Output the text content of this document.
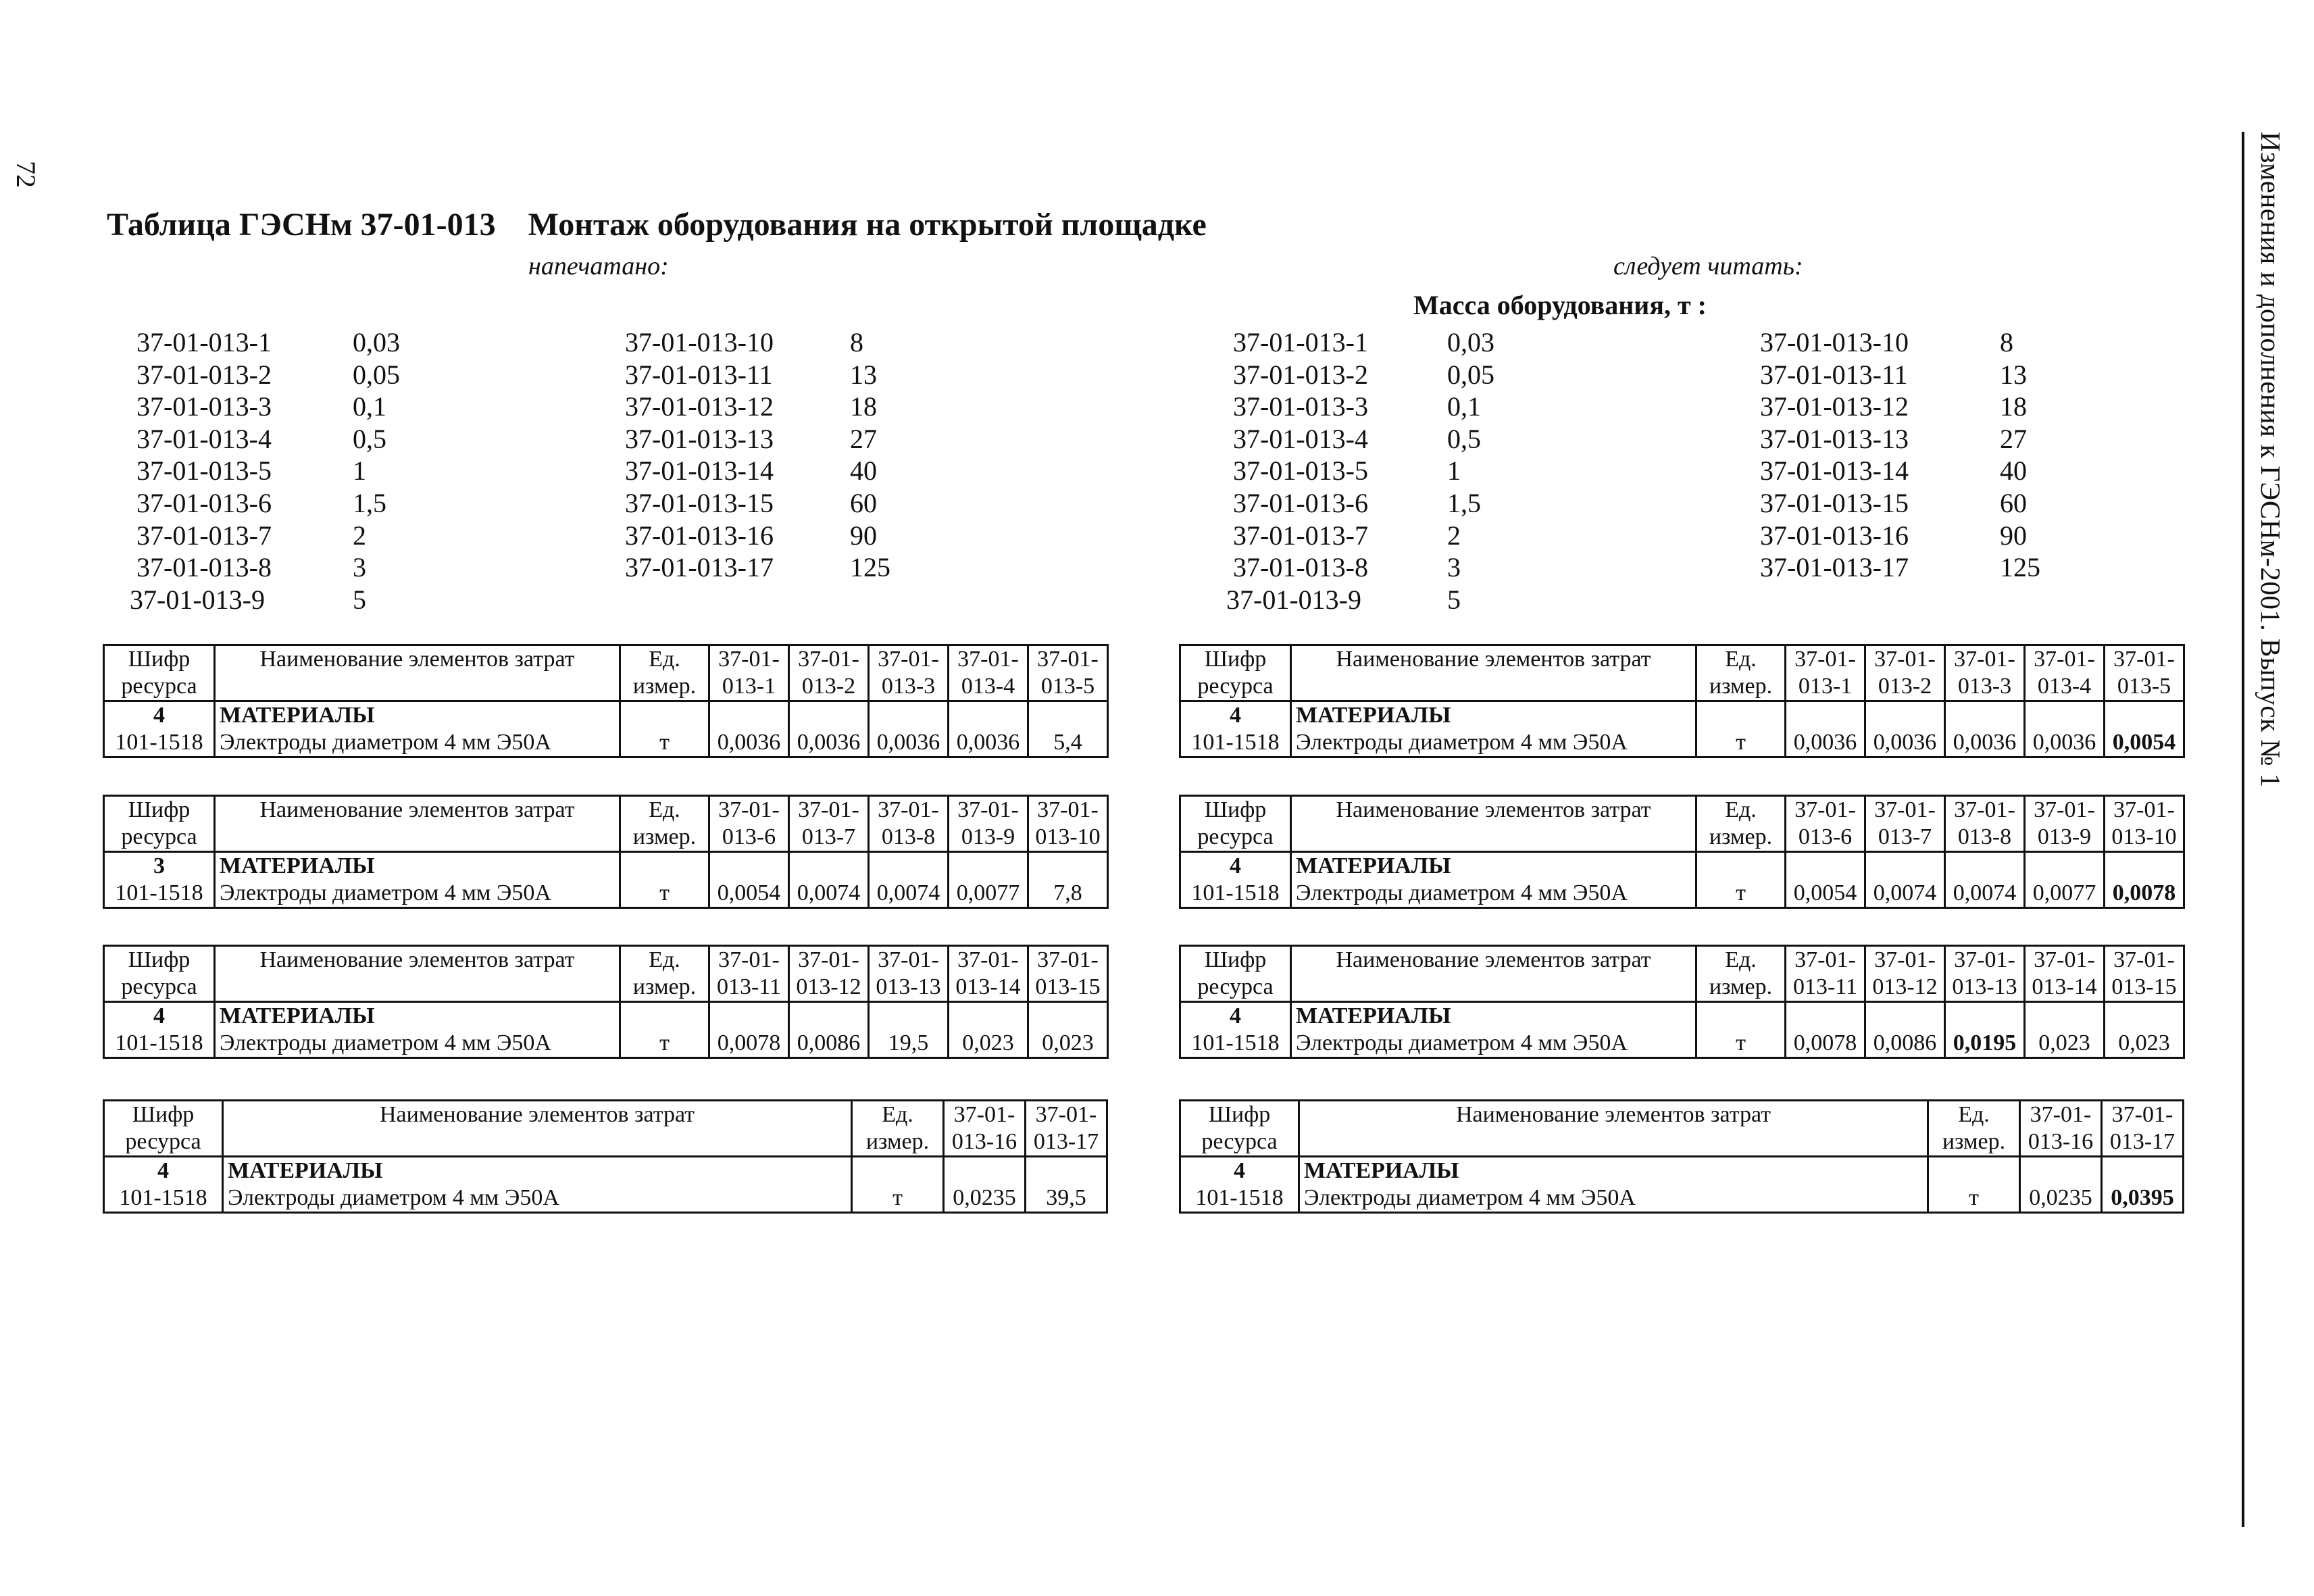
72	Изменения и дополнения к ГЭСНм-2001. Выпуск № 1
Таблица ГЭСНм 37-01-013 Монтаж оборудования на открытой площадке
напечатано:	следует читать:
Масса оборудования, т :
37-01-013-1	0,03
37-01-013-2	0,05
37-01-013-3	0,1
37-01-013-4	0,5
37-01-013-5	1
37-01-013-6	1,5
37-01-013-7	2
37-01-013-8	3
37-01-013-9	5
37-01-013-10	8
37-01-013-11	13
37-01-013-12	18
37-01-013-13	27
37-01-013-14	40
37-01-013-15	60
37-01-013-16	90
37-01-013-17	125
37-01-013-1	0,03
37-01-013-2	0,05
37-01-013-3	0,1
37-01-013-4	0,5
37-01-013-5	1
37-01-013-6	1,5
37-01-013-7	2
37-01-013-8	3
37-01-013-9	5
37-01-013-10	8
37-01-013-11	13
37-01-013-12	18
37-01-013-13	27
37-01-013-14	40
37-01-013-15	60
37-01-013-16	90
37-01-013-17	125
Шифр	Наименование элементов затрат	Ед.	37-01-	37-01-	37-01-	37-01-	37-01-
ресурса		измер.	013-1	013-2	013-3	013-4	013-5
4	МАТЕРИАЛЫ	т	0,0036	0,0036	0,0036	0,0036	5,4
101-1518	Электроды диаметром 4 мм Э50А						
Шифр	Наименование элементов затрат	Ед.	37-01-	37-01-	37-01-	37-01-	37-01-
ресурса		измер.	013-1	013-2	013-3	013-4	013-5
4	МАТЕРИАЛЫ	т	0,0036	0,0036	0,0036	0,0036	0,0054
101-1518	Электроды диаметром 4 мм Э50А						
Шифр	Наименование элементов затрат	Ед.	37-01-	37-01-	37-01-	37-01-	37-01-
ресурса		измер.	013-6	013-7	013-8	013-9	013-10
3	МАТЕРИАЛЫ	т	0,0054	0,0074	0,0074	0,0077	7,8
101-1518	Электроды диаметром 4 мм Э50А						
Шифр	Наименование элементов затрат	Ед.	37-01-	37-01-	37-01-	37-01-	37-01-
ресурса		измер.	013-6	013-7	013-8	013-9	013-10
4	МАТЕРИАЛЫ	т	0,0054	0,0074	0,0074	0,0077	0,0078
101-1518	Электроды диаметром 4 мм Э50А						
Шифр	Наименование элементов затрат	Ед.	37-01-	37-01-	37-01-	37-01-	37-01-
ресурса		измер.	013-11	013-12	013-13	013-14	013-15
4	МАТЕРИАЛЫ	т	0,0078	0,0086	19,5	0,023	0,023
101-1518	Электроды диаметром 4 мм Э50А						
Шифр	Наименование элементов затрат	Ед.	37-01-	37-01-	37-01-	37-01-	37-01-
ресурса		измер.	013-11	013-12	013-13	013-14	013-15
4	МАТЕРИАЛЫ	т	0,0078	0,0086	0,0195	0,023	0,023
101-1518	Электроды диаметром 4 мм Э50А						
Шифр	Наименование элементов затрат	Ед.	37-01-	37-01-
ресурса		измер.	013-16	013-17
4	МАТЕРИАЛЫ	т	0,0235	39,5
101-1518	Электроды диаметром 4 мм Э50А			
Шифр	Наименование элементов затрат	Ед.	37-01-	37-01-
ресурса		измер.	013-16	013-17
4	МАТЕРИАЛЫ	т	0,0235	0,0395
101-1518	Электроды диаметром 4 мм Э50А			
